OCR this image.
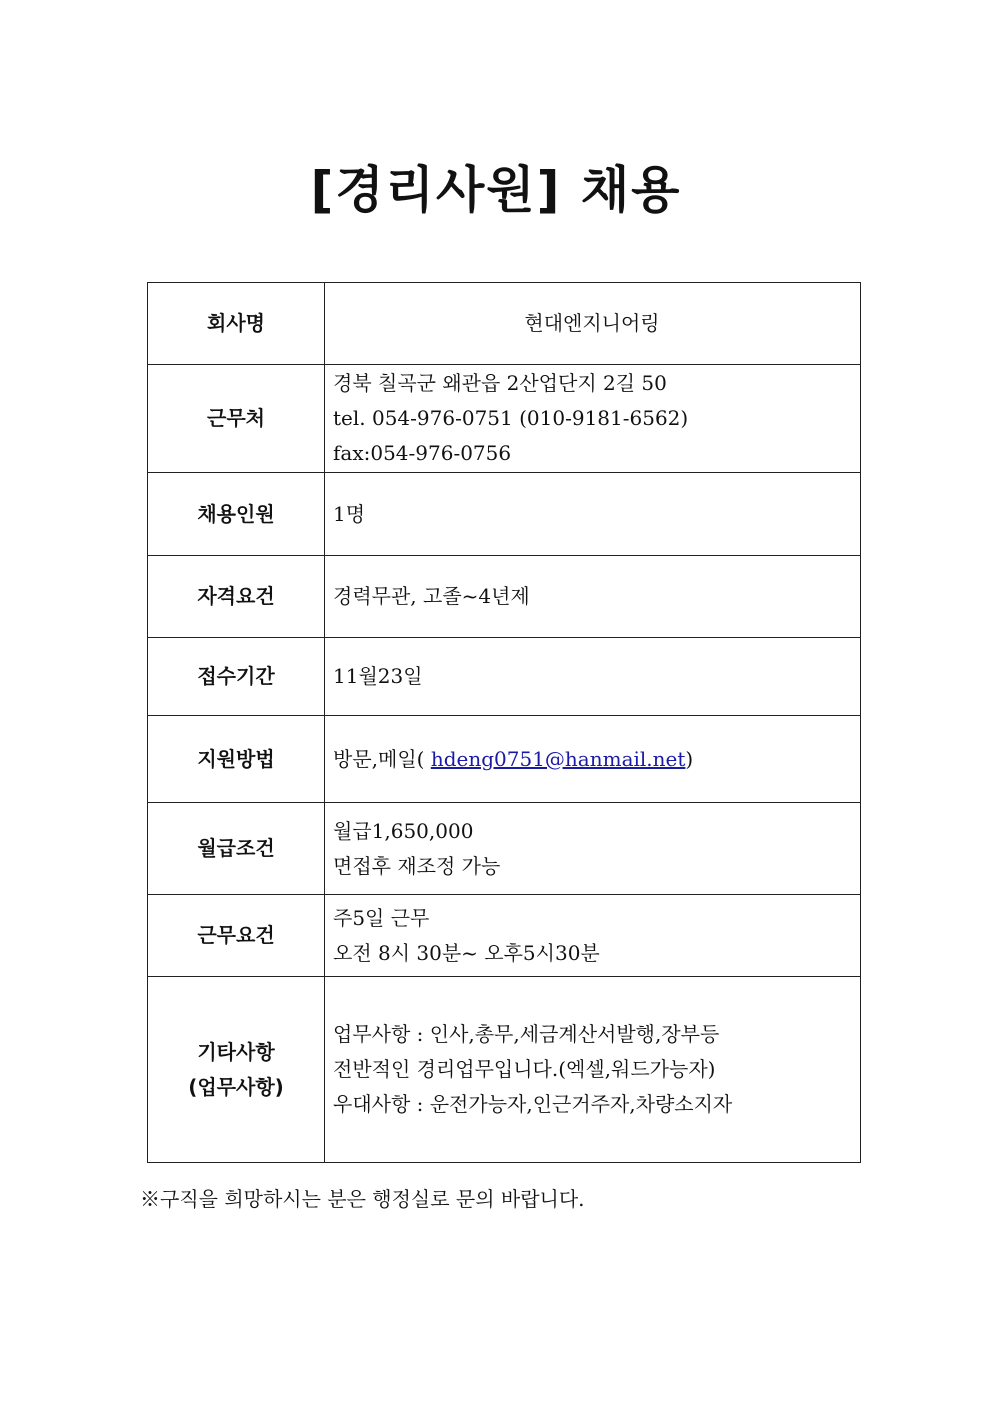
[경리사원] 채용
회사명	현대엔지니어링
근무처	경북 칠곡군 왜관읍 2산업단지 2길 50
tel. 054-976-0751 (010-9181-6562)
fax:054-976-0756

채용인원	1명
자격요건	경력무관, 고졸~4년제
접수기간	11월23일
지원방법	방문,메일( hdeng0751@hanmail.net)
월급조건	월급1,650,000
면접후 재조정 가능

근무요건	주5일 근무
오전 8시 30분~ 오후5시30분

기타사항
(업무사항)	업무사항 : 인사,총무,세금계산서발행,장부등
전반적인 경리업무입니다.(엑셀,워드가능자)
우대사항 : 운전가능자,인근거주자,차량소지자
※구직을 희망하시는 분은 행정실로 문의 바랍니다.
